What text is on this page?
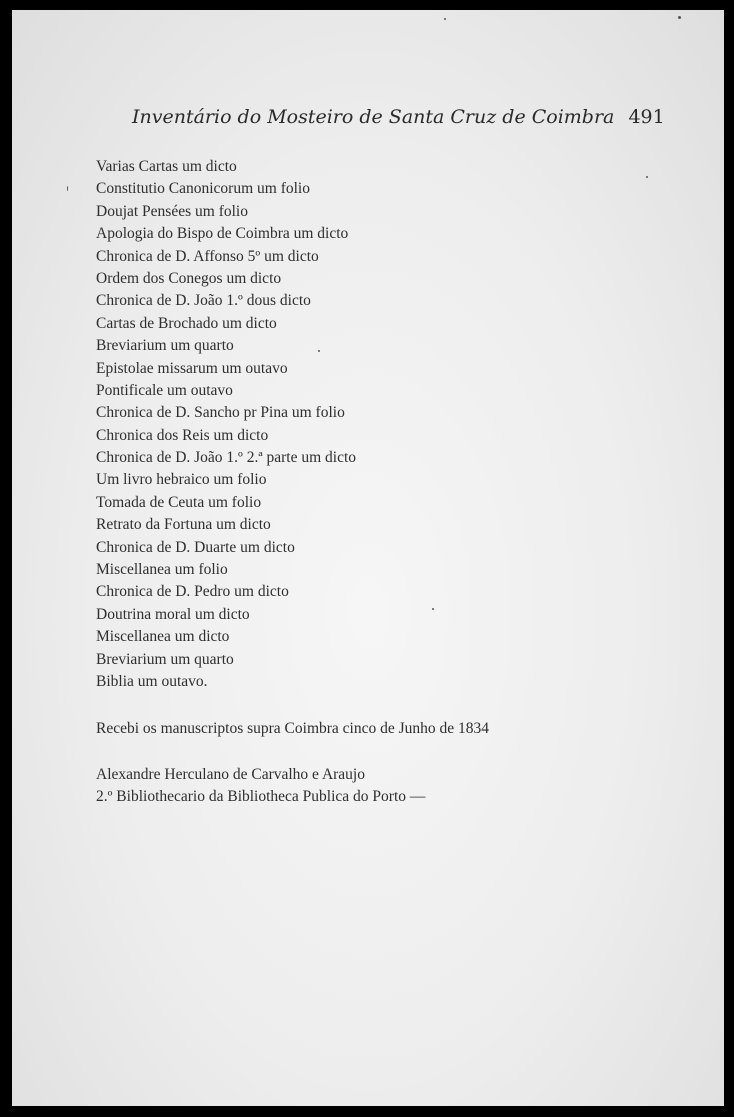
Inventário do Mosteiro de Santa Cruz de Coimbra 491
Varias Cartas um dicto
Constitutio Canonicorum um folio
Doujat Pensées um folio
Apologia do Bispo de Coimbra um dicto
Chronica de D. Affonso 5º um dicto
Ordem dos Conegos um dicto
Chronica de D. João 1.º dous dicto
Cartas de Brochado um dicto
Breviarium um quarto
Epistolae missarum um outavo
Pontificale um outavo
Chronica de D. Sancho pr Pina um folio
Chronica dos Reis um dicto
Chronica de D. João 1.º 2.ª parte um dicto
Um livro hebraico um folio
Tomada de Ceuta um folio
Retrato da Fortuna um dicto
Chronica de D. Duarte um dicto
Miscellanea um folio
Chronica de D. Pedro um dicto
Doutrina moral um dicto
Miscellanea um dicto
Breviarium um quarto
Biblia um outavo.
Recebi os manuscriptos supra Coimbra cinco de Junho de 1834
Alexandre Herculano de Carvalho e Araujo
2.º Bibliothecario da Bibliotheca Publica do Porto —
